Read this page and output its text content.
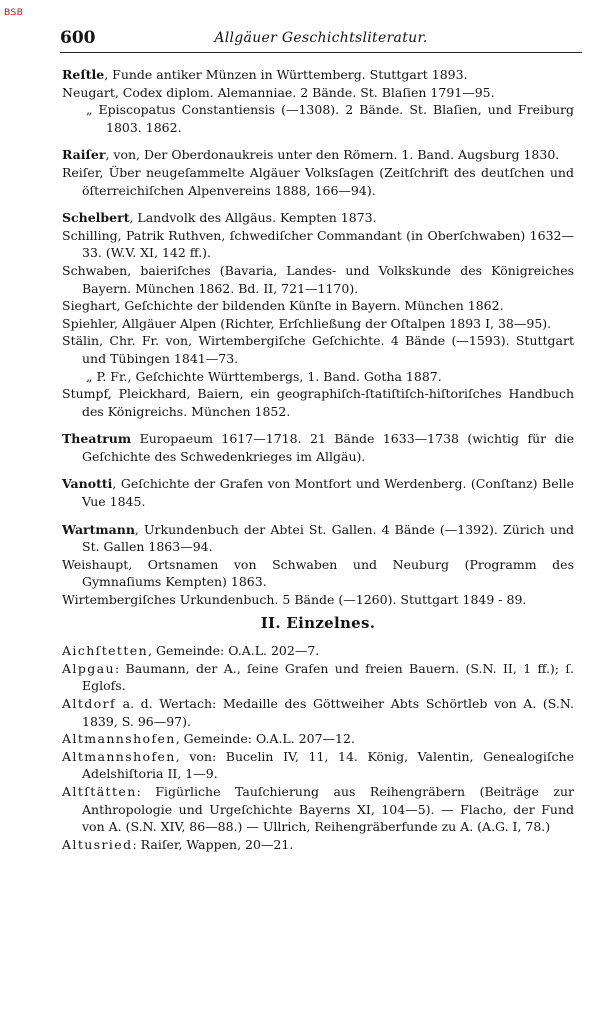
BSB
600	Allgäuer Geschichtsliteratur.
Reſtle, Funde antiker Münzen in Württemberg. Stuttgart 1893.
Neugart, Codex diplom. Alemanniae. 2 Bände. St. Blaſien 1791—95.
„ Episcopatus Constantiensis (—1308). 2 Bände. St. Blaſien, und Freiburg 1803. 1862.
Raiſer, von, Der Oberdonaukreis unter den Römern. 1. Band. Augsburg 1830.
Reiſer, Über neugeſammelte Algäuer Volksſagen (Zeitſchrift des deutſchen und öſterreichiſchen Alpenvereins 1888, 166—94).
Schelbert, Landvolk des Allgäus. Kempten 1873.
Schilling, Patrik Ruthven, ſchwediſcher Commandant (in Oberſchwaben) 1632—33. (W.V. XI, 142 ff.).
Schwaben, baieriſches (Bavaria, Landes- und Volkskunde des Königreiches Bayern. München 1862. Bd. II, 721—1170).
Sieghart, Geſchichte der bildenden Künſte in Bayern. München 1862.
Spiehler, Allgäuer Alpen (Richter, Erſchließung der Oſtalpen 1893 I, 38—95).
Stälin, Chr. Fr. von, Wirtembergiſche Geſchichte. 4 Bände (—1593). Stuttgart und Tübingen 1841—73.
„ P. Fr., Geſchichte Württembergs, 1. Band. Gotha 1887.
Stumpf, Pleickhard, Baiern, ein geographiſch-ſtatiſtiſch-hiſtoriſches Handbuch des Königreichs. München 1852.
Theatrum Europaeum 1617—1718. 21 Bände 1633—1738 (wichtig für die Geſchichte des Schwedenkrieges im Allgäu).
Vanotti, Geſchichte der Grafen von Montfort und Werdenberg. (Conſtanz) Belle Vue 1845.
Wartmann, Urkundenbuch der Abtei St. Gallen. 4 Bände (—1392). Zürich und St. Gallen 1863—94.
Weishaupt, Ortsnamen von Schwaben und Neuburg (Programm des Gymnaſiums Kempten) 1863.
Wirtembergiſches Urkundenbuch. 5 Bände (—1260). Stuttgart 1849 - 89.
II. Einzelnes.
Aichſtetten, Gemeinde: O.A.L. 202—7.
Alpgau: Baumann, der A., ſeine Grafen und freien Bauern. (S.N. II, 1 ff.); ſ. Eglofs.
Altdorf a. d. Wertach: Medaille des Göttweiher Abts Schörtleb von A. (S.N. 1839, S. 96—97).
Altmannshofen, Gemeinde: O.A.L. 207—12.
Altmannshofen, von: Bucelin IV, 11, 14. König, Valentin, Genealogiſche Adelshiſtoria II, 1—9.
Altſtätten: Figürliche Tauſchierung aus Reihengräbern (Beiträge zur Anthropologie und Urgeſchichte Bayerns XI, 104—5). — Flacho, der Fund von A. (S.N. XIV, 86—88.) — Ullrich, Reihengräberfunde zu A. (A.G. I, 78.)
Altusried: Raiſer, Wappen, 20—21.
